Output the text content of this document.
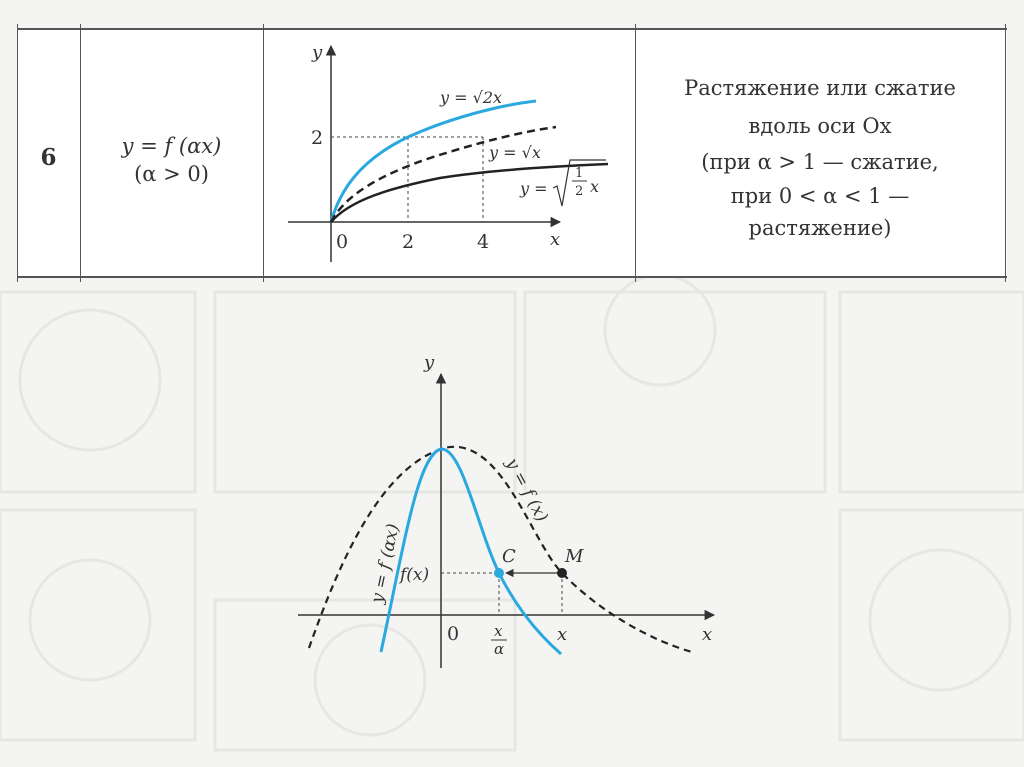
6	y = f (αx)
(α > 0)
Растяжение или сжатие
вдоль оси Ox
(при α > 1 — сжатие,
при 0 < α < 1 —
растяжение)
y
x
0	2	4
2
y = √2x
y = √x
y =
1
2 x
y
x
0
C	M
f(x)
x
x
α
y = f (x)
y = f (αx)
